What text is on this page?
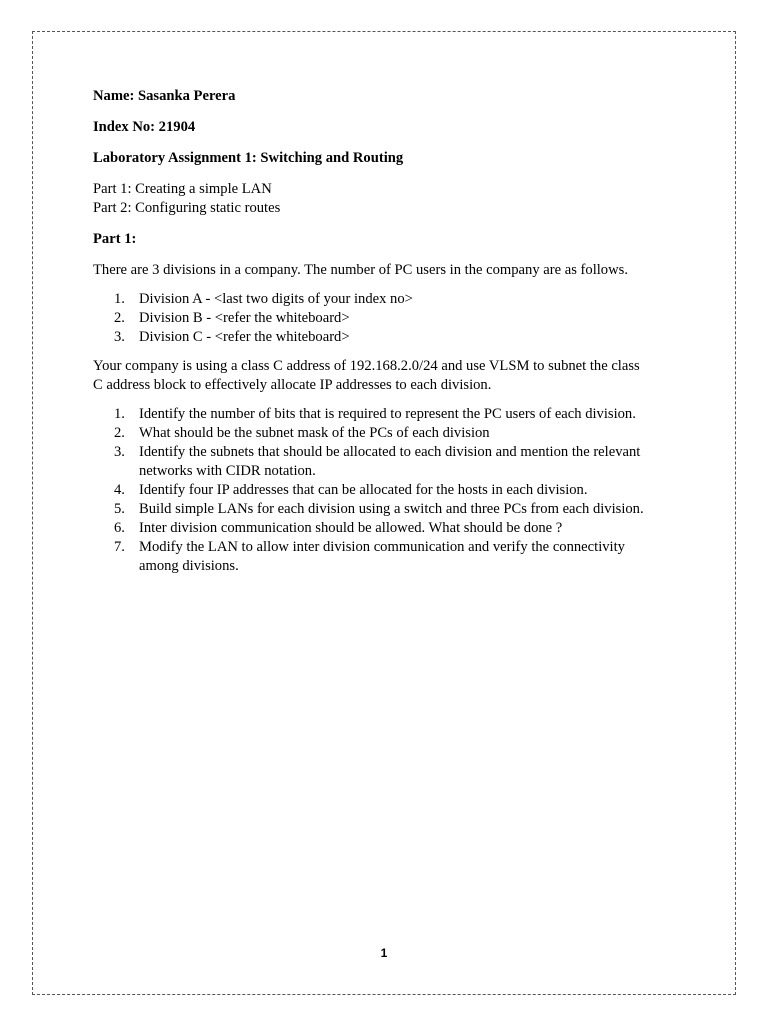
Name: Sasanka Perera

Index No: 21904

Laboratory Assignment 1: Switching and Routing

Part 1: Creating a simple LAN

Part 2: Configuring static routes

Part 1:

There are 3 divisions in a company. The number of PC users in the company are as follows.

1. Division A - <last two digits of your index no>
2. Division B - <refer the whiteboard>
3. Division C - <refer the whiteboard>

Your company is using a class C address of 192.168.2.0/24 and use VLSM to subnet the class

C address block to effectively allocate IP addresses to each division.

1. Identify the number of bits that is required to represent the PC users of each division.
2. What should be the subnet mask of the PCs of each division
3. Identify the subnets that should be allocated to each division and mention the relevant
networks with CIDR notation.
4. Identify four IP addresses that can be allocated for the hosts in each division.
5. Build simple LANs for each division using a switch and three PCs from each division.
6. Inter division communication should be allowed. What should be done ?
7. Modify the LAN to allow inter division communication and verify the connectivity
among divisions.
1
